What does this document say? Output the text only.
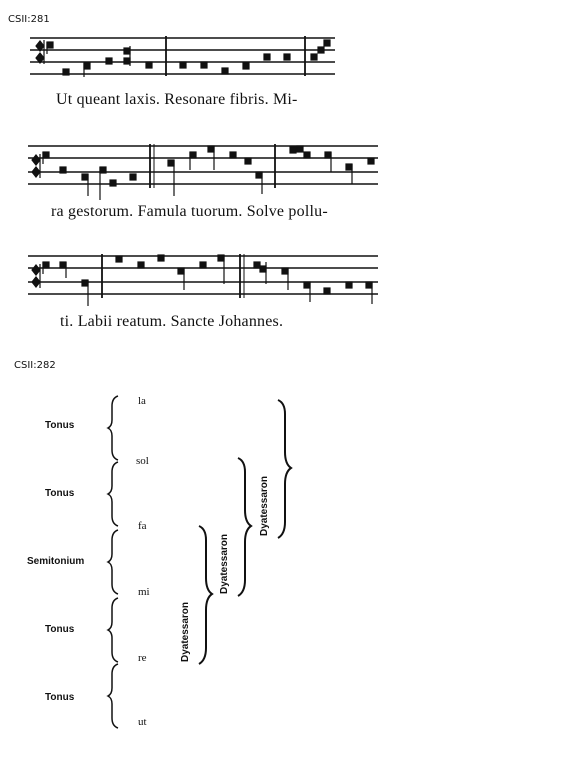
CSII:281
Ut queant laxis. Resonare fibris. Mi-
ra gestorum. Famula tuorum. Solve pollu-
ti. Labii reatum. Sancte Johannes.
CSII:282
Tonus
Tonus
Semitonium
Tonus
Tonus
la
sol
fa
mi
re
ut
Dyatessaron
Dyatessaron
Dyatessaron
